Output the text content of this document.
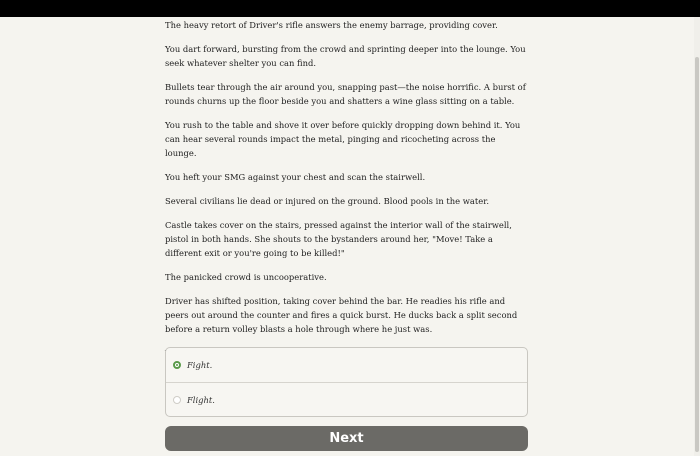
The heavy retort of Driver's rifle answers the enemy barrage, providing cover.

You dart forward, bursting from the crowd and sprinting deeper into the lounge. You seek whatever shelter you can find.

Bullets tear through the air around you, snapping past—the noise horrific. A burst of rounds churns up the floor beside you and shatters a wine glass sitting on a table.

You rush to the table and shove it over before quickly dropping down behind it. You can hear several rounds impact the metal, pinging and ricocheting across the lounge.

You heft your SMG against your chest and scan the stairwell.

Several civilians lie dead or injured on the ground. Blood pools in the water.

Castle takes cover on the stairs, pressed against the interior wall of the stairwell, pistol in both hands. She shouts to the bystanders around her, "Move! Take a different exit or you're going to be killed!"

The panicked crowd is uncooperative.

Driver has shifted position, taking cover behind the bar. He readies his rifle and peers out around the counter and fires a quick burst. He ducks back a split second before a return volley blasts a hole through where he just was.

Fight.
Flight.
Next
